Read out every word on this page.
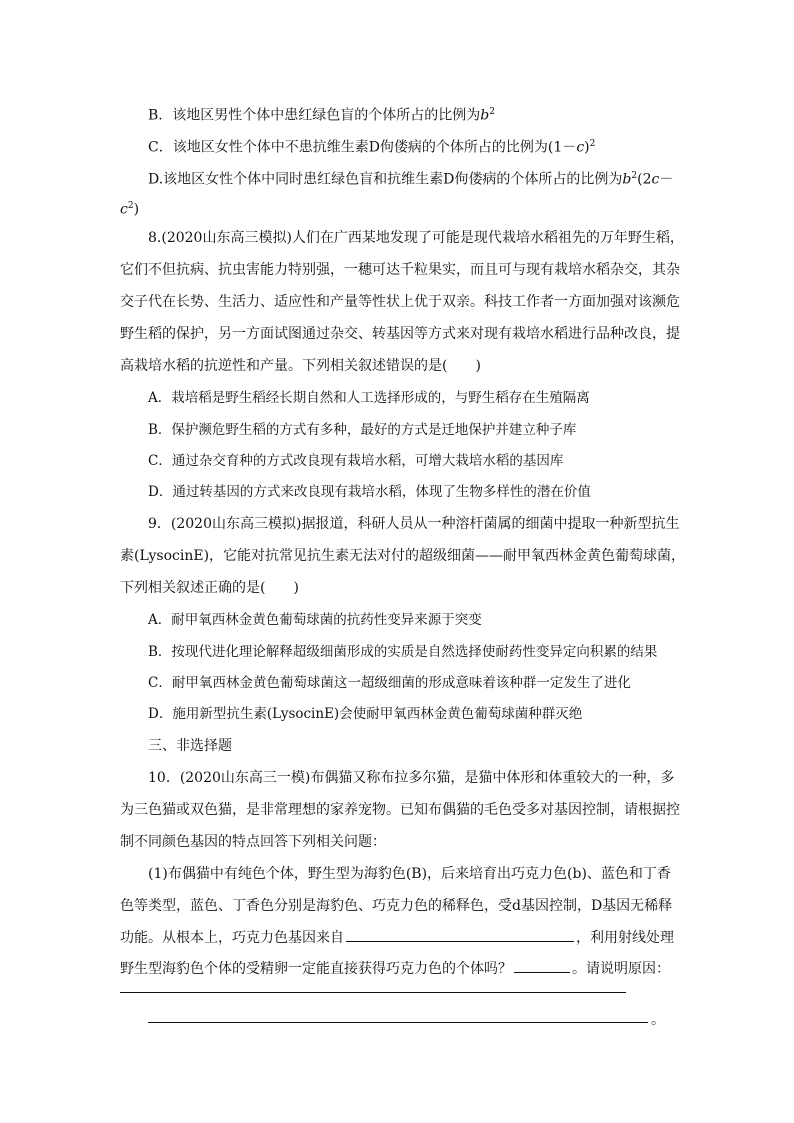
B．该地区男性个体中患红绿色盲的个体所占的比例为$b^2$
C．该地区女性个体中不患抗维生素D佝偻病的个体所占的比例为$(1-c)^2$
D.该地区女性个体中同时患红绿色盲和抗维生素D佝偻病的个体所占的比例为$b^2(2c-$
$c^2$)
8.(2020山东高三模拟)人们在广西某地发现了可能是现代栽培水稻祖先的万年野生稻，
它们不但抗病、抗虫害能力特别强，一穗可达千粒果实，而且可与现有栽培水稻杂交，其杂
交子代在长势、生活力、适应性和产量等性状上优于双亲。科技工作者一方面加强对该濒危
野生稻的保护，另一方面试图通过杂交、转基因等方式来对现有栽培水稻进行品种改良，提
高栽培水稻的抗逆性和产量。下列相关叙述错误的是(　　)
A．栽培稻是野生稻经长期自然和人工选择形成的，与野生稻存在生殖隔离
B．保护濒危野生稻的方式有多种，最好的方式是迁地保护并建立种子库
C．通过杂交育种的方式改良现有栽培水稻，可增大栽培水稻的基因库
D．通过转基因的方式来改良现有栽培水稻，体现了生物多样性的潜在价值
9．(2020山东高三模拟)据报道，科研人员从一种溶杆菌属的细菌中提取一种新型抗生
素(LysocinE)，它能对抗常见抗生素无法对付的超级细菌——耐甲氧西林金黄色葡萄球菌，
下列相关叙述正确的是(　　)
A．耐甲氧西林金黄色葡萄球菌的抗药性变异来源于突变
B．按现代进化理论解释超级细菌形成的实质是自然选择使耐药性变异定向积累的结果
C．耐甲氧西林金黄色葡萄球菌这一超级细菌的形成意味着该种群一定发生了进化
D．施用新型抗生素(LysocinE)会使耐甲氧西林金黄色葡萄球菌种群灭绝
三、非选择题
10．(2020山东高三一模)布偶猫又称布拉多尔猫，是猫中体形和体重较大的一种，多
为三色猫或双色猫，是非常理想的家养宠物。已知布偶猫的毛色受多对基因控制，请根据控
制不同颜色基因的特点回答下列相关问题：
(1)布偶猫中有纯色个体，野生型为海豹色(B)，后来培育出巧克力色(b)、蓝色和丁香
色等类型，蓝色、丁香色分别是海豹色、巧克力色的稀释色，受d基因控制，D基因无稀释
功能。从根本上，巧克力色基因来自	，利用射线处理
野生型海豹色个体的受精卵一定能直接获得巧克力色的个体吗？	。请说明原因：
。
